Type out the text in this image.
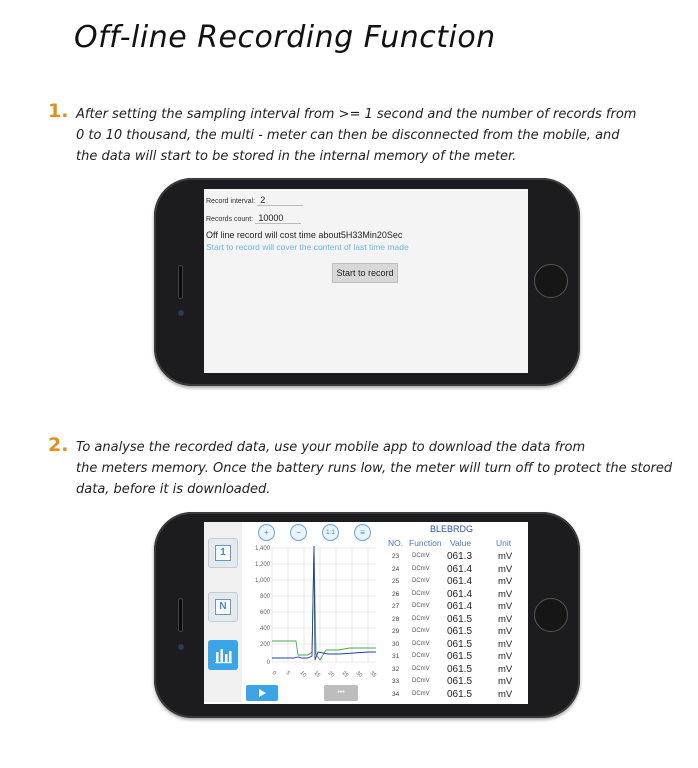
Off-line Recording Function
1. After setting the sampling interval from >= 1 second and the number of records from
0 to 10 thousand, the multi - meter can then be disconnected from the mobile, and
the data will start to be stored in the internal memory of the meter.
Record interval: 2
Records count: 10000
Off line record will cost time about5H33Min20Sec
Start to record will cover the content of last time made
Start to record
2. To analyse the recorded data, use your mobile app to download the data from
the meters memory. Once the battery runs low, the meter will turn off to protect the stored
data, before it is downloaded.
1
N
+	−	1:1	≡
1,400
1,200
1,000
800
600
400
200
0
0 5 10 15 20 25 30 35
•••
BLEBRDG
NO. Function Value	Unit
23 DCmV 061.3	mV
24 DCmV 061.4	mV
25 DCmV 061.4	mV
26 DCmV 061.4	mV
27 DCmV 061.4	mV
28 DCmV 061.5	mV
29 DCmV 061.5	mV
30 DCmV 061.5	mV
31 DCmV 061.5	mV
32 DCmV 061.5	mV
33 DCmV 061.5	mV
34 DCmV 061.5	mV
